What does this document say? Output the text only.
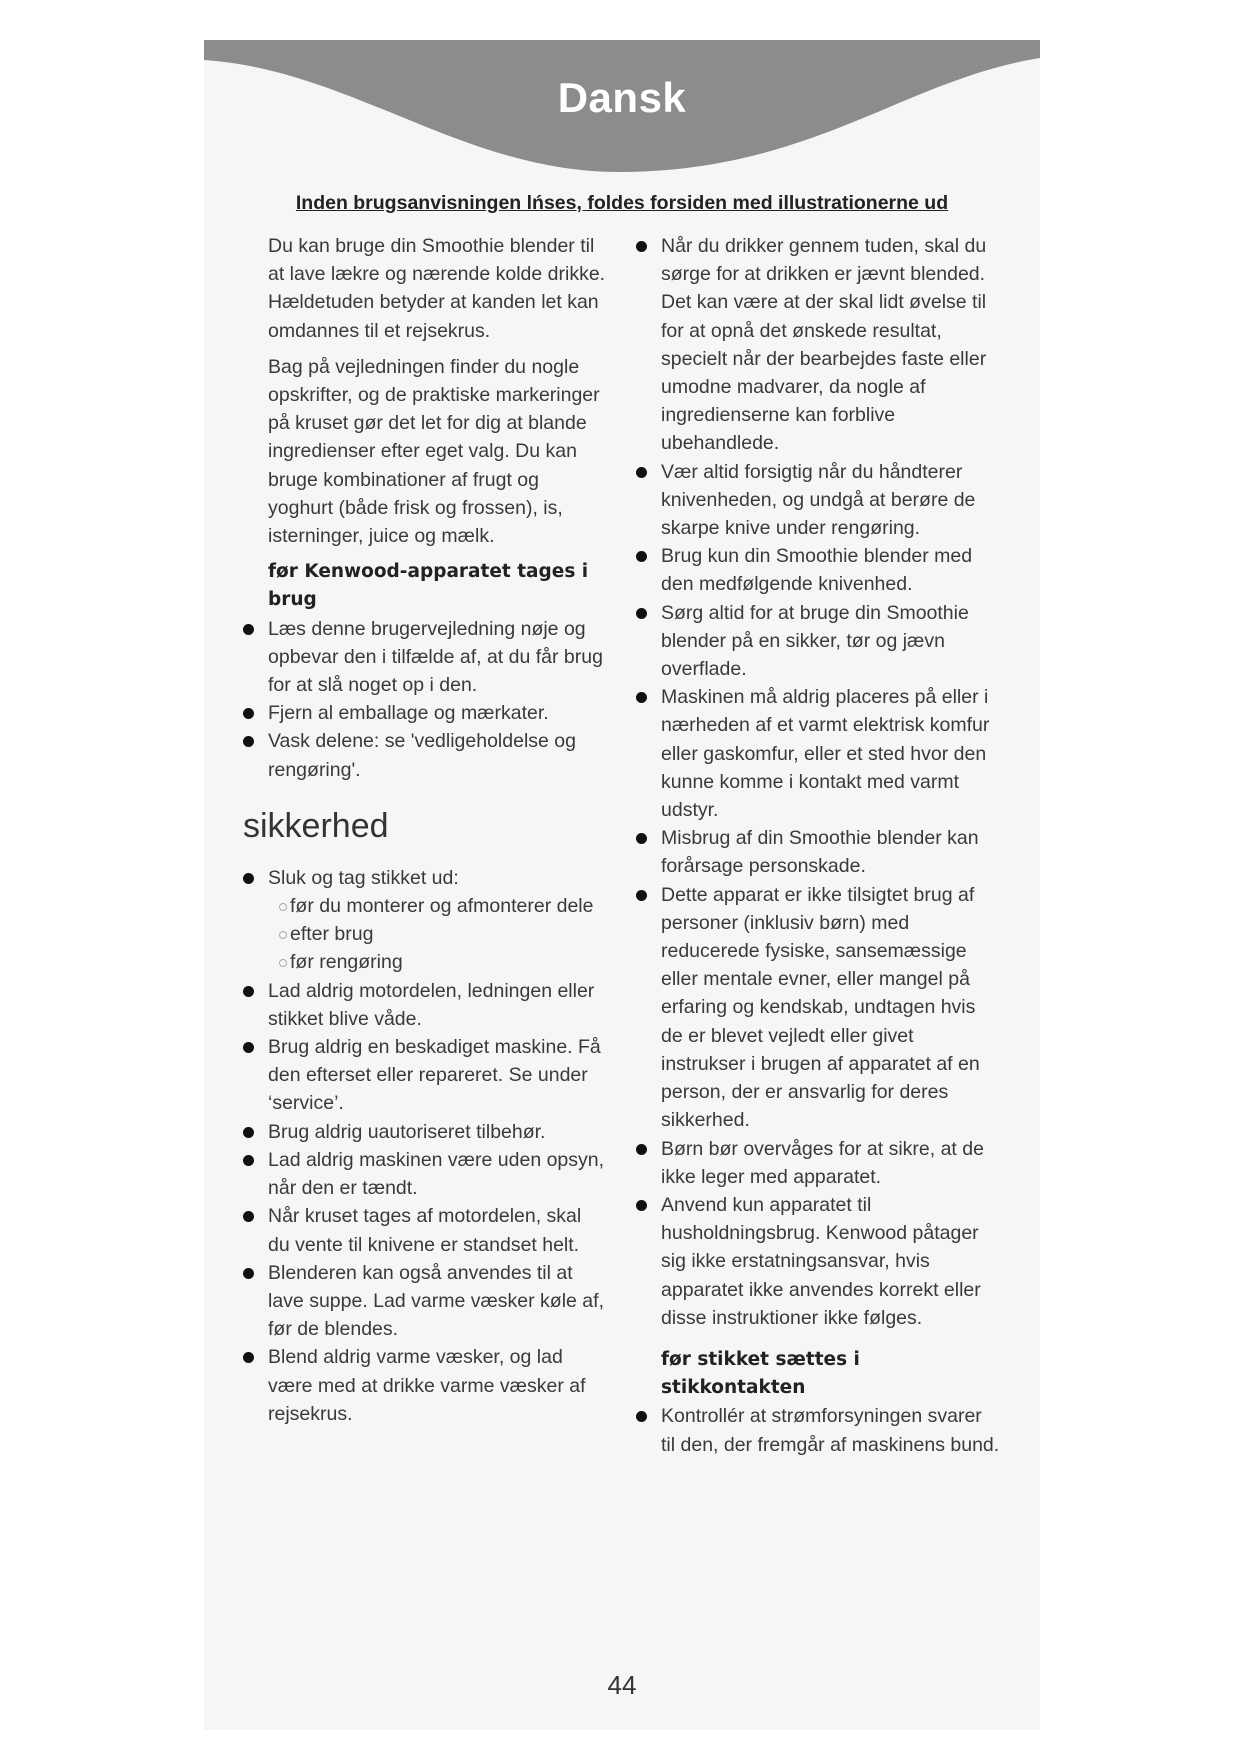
Dansk
Inden brugsanvisningen lńses, foldes forsiden med illustrationerne ud

Du kan bruge din Smoothie blender til at lave lækre og nærende kolde drikke. Hældetuden betyder at kanden let kan omdannes til et rejsekrus.

Bag på vejledningen finder du nogle opskrifter, og de praktiske markeringer på kruset gør det let for dig at blande ingredienser efter eget valg. Du kan bruge kombinationer af frugt og yoghurt (både frisk og frossen), is, isterninger, juice og mælk.

før Kenwood-apparatet tages i brug
Læs denne brugervejledning nøje og opbevar den i tilfælde af, at du får brug for at slå noget op i den.
Fjern al emballage og mærkater.
Vask delene: se 'vedligeholdelse og rengøring'.
sikkerhed
Sluk og tag stikket ud:
før du monterer og afmonterer dele
efter brug
før rengøring
Lad aldrig motordelen, ledningen eller stikket blive våde.
Brug aldrig en beskadiget maskine. Få den efterset eller repareret. Se under ‘service’.
Brug aldrig uautoriseret tilbehør.
Lad aldrig maskinen være uden opsyn, når den er tændt.
Når kruset tages af motordelen, skal du vente til knivene er standset helt.
Blenderen kan også anvendes til at lave suppe. Lad varme væsker køle af, før de blendes.
Blend aldrig varme væsker, og lad være med at drikke varme væsker af rejsekrus.
Når du drikker gennem tuden, skal du sørge for at drikken er jævnt blended. Det kan være at der skal lidt øvelse til for at opnå det ønskede resultat, specielt når der bearbejdes faste eller umodne madvarer, da nogle af ingredienserne kan forblive ubehandlede.
Vær altid forsigtig når du håndterer knivenheden, og undgå at berøre de skarpe knive under rengøring.
Brug kun din Smoothie blender med den medfølgende knivenhed.
Sørg altid for at bruge din Smoothie blender på en sikker, tør og jævn overflade.
Maskinen må aldrig placeres på eller i nærheden af et varmt elektrisk komfur eller gaskomfur, eller et sted hvor den kunne komme i kontakt med varmt udstyr.
Misbrug af din Smoothie blender kan forårsage personskade.
Dette apparat er ikke tilsigtet brug af personer (inklusiv børn) med reducerede fysiske, sansemæssige eller mentale evner, eller mangel på erfaring og kendskab, undtagen hvis de er blevet vejledt eller givet instrukser i brugen af apparatet af en person, der er ansvarlig for deres sikkerhed.
Børn bør overvåges for at sikre, at de ikke leger med apparatet.
Anvend kun apparatet til husholdningsbrug. Kenwood påtager sig ikke erstatningsansvar, hvis apparatet ikke anvendes korrekt eller disse instruktioner ikke følges.
før stikket sættes i stikkontakten
Kontrollér at strømforsyningen svarer til den, der fremgår af maskinens bund.
44
